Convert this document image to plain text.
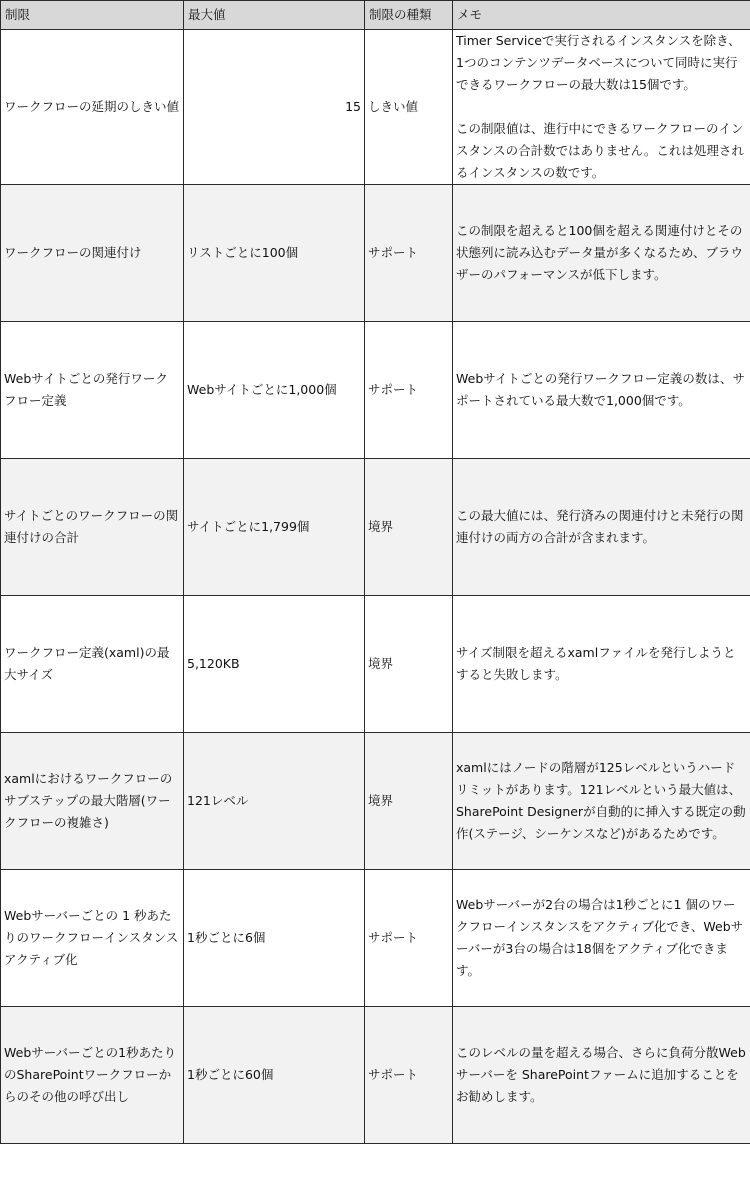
制限	最大値	制限の種類	メモ
ワークフローの延期のしきい値	15	しきい値	Timer Serviceで実行されるインスタンスを除き、1つのコンテンツデータベースについて同時に実行できるワークフローの最大数は15個です。
この制限値は、進行中にできるワークフローのインスタンスの合計数ではありません。これは処理されるインスタンスの数です。

ワークフローの関連付け	リストごとに100個	サポート	この制限を超えると100個を超える関連付けとその状態列に読み込むデータ量が多くなるため、ブラウザーのパフォーマンスが低下します。

Webサイトごとの発行ワークフロー定義	Webサイトごとに1,000個	サポート	Webサイトごとの発行ワークフロー定義の数は、サポートされている最大数で1,000個です。

サイトごとのワークフローの関連付けの合計	サイトごとに1,799個	境界	この最大値には、発行済みの関連付けと未発行の関連付けの両方の合計が含まれます。

ワークフロー定義(xaml)の最大サイズ	5,120KB	境界	サイズ制限を超えるxamlファイルを発行しようとすると失敗します。

xamlにおけるワークフローのサブステップの最大階層(ワークフローの複雑さ)	121レベル	境界	xamlにはノードの階層が125レベルというハードリミットがあります。121レベルという最大値は、SharePoint Designerが自動的に挿入する既定の動作(ステージ、シーケンスなど)があるためです。

Webサーバーごとの 1 秒あたりのワークフローインスタンスアクティブ化	1秒ごとに6個	サポート	Webサーバーが2台の場合は1秒ごとに1 個のワークフローインスタンスをアクティブ化でき、Webサーバーが3台の場合は18個をアクティブ化できます。

Webサーバーごとの1秒あたりのSharePointワークフローからのその他の呼び出し	1秒ごとに60個	サポート	このレベルの量を超える場合、さらに負荷分散Webサーバーを SharePointファームに追加することをお勧めします。
